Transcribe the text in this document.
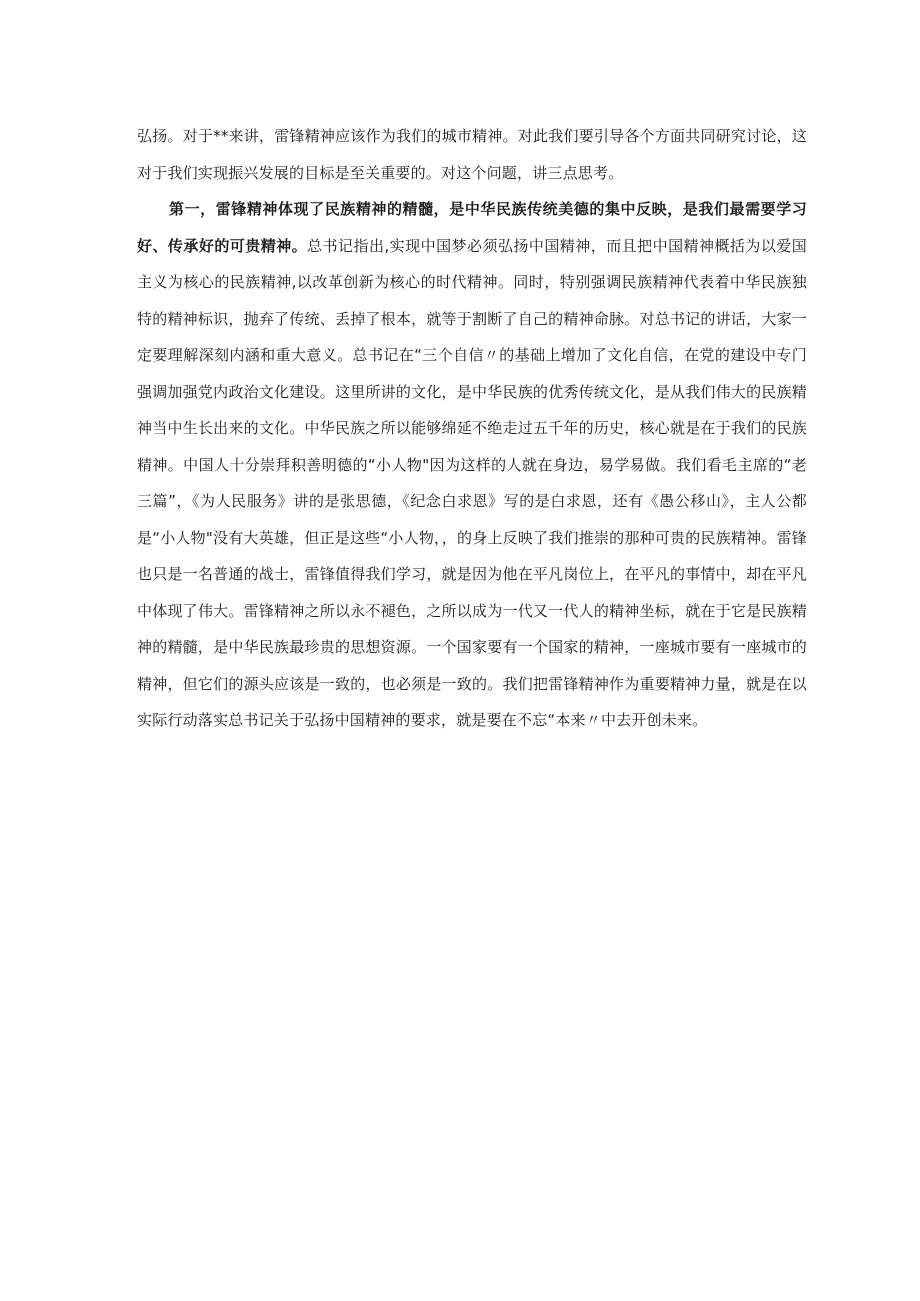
弘扬。对于**来讲，雷锋精神应该作为我们的城市精神。对此我们要引导各个方面共同研究讨论，这对于我们实现振兴发展的目标是至关重要的。对这个问题，讲三点思考。

第一，雷锋精神体现了民族精神的精髓，是中华民族传统美德的集中反映，是我们最需要学习好、传承好的可贵精神。总书记指出,实现中国梦必须弘扬中国精神，而且把中国精神概括为以爱国主义为核心的民族精神,以改革创新为核心的时代精神。同时，特别强调民族精神代表着中华民族独特的精神标识，抛弃了传统、丢掉了根本，就等于割断了自己的精神命脉。对总书记的讲话，大家一定要理解深刻内涵和重大意义。总书记在“三个自信〃的基础上增加了文化自信，在党的建设中专门强调加强党内政治文化建设。这里所讲的文化，是中华民族的优秀传统文化，是从我们伟大的民族精神当中生长出来的文化。中华民族之所以能够绵延不绝走过五千年的历史，核心就是在于我们的民族精神。中国人十分崇拜积善明德的“小人物"因为这样的人就在身边，易学易做。我们看毛主席的“老三篇”，《为人民服务》讲的是张思德，《纪念白求恩》写的是白求恩，还有《愚公移山》，主人公都是“小人物"没有大英雄，但正是这些“小人物，，的身上反映了我们推崇的那种可贵的民族精神。雷锋也只是一名普通的战士，雷锋值得我们学习，就是因为他在平凡岗位上，在平凡的事情中，却在平凡中体现了伟大。雷锋精神之所以永不褪色，之所以成为一代又一代人的精神坐标，就在于它是民族精神的精髓，是中华民族最珍贵的思想资源。一个国家要有一个国家的精神，一座城市要有一座城市的精神，但它们的源头应该是一致的，也必须是一致的。我们把雷锋精神作为重要精神力量，就是在以实际行动落实总书记关于弘扬中国精神的要求，就是要在不忘“本来〃中去开创未来。
